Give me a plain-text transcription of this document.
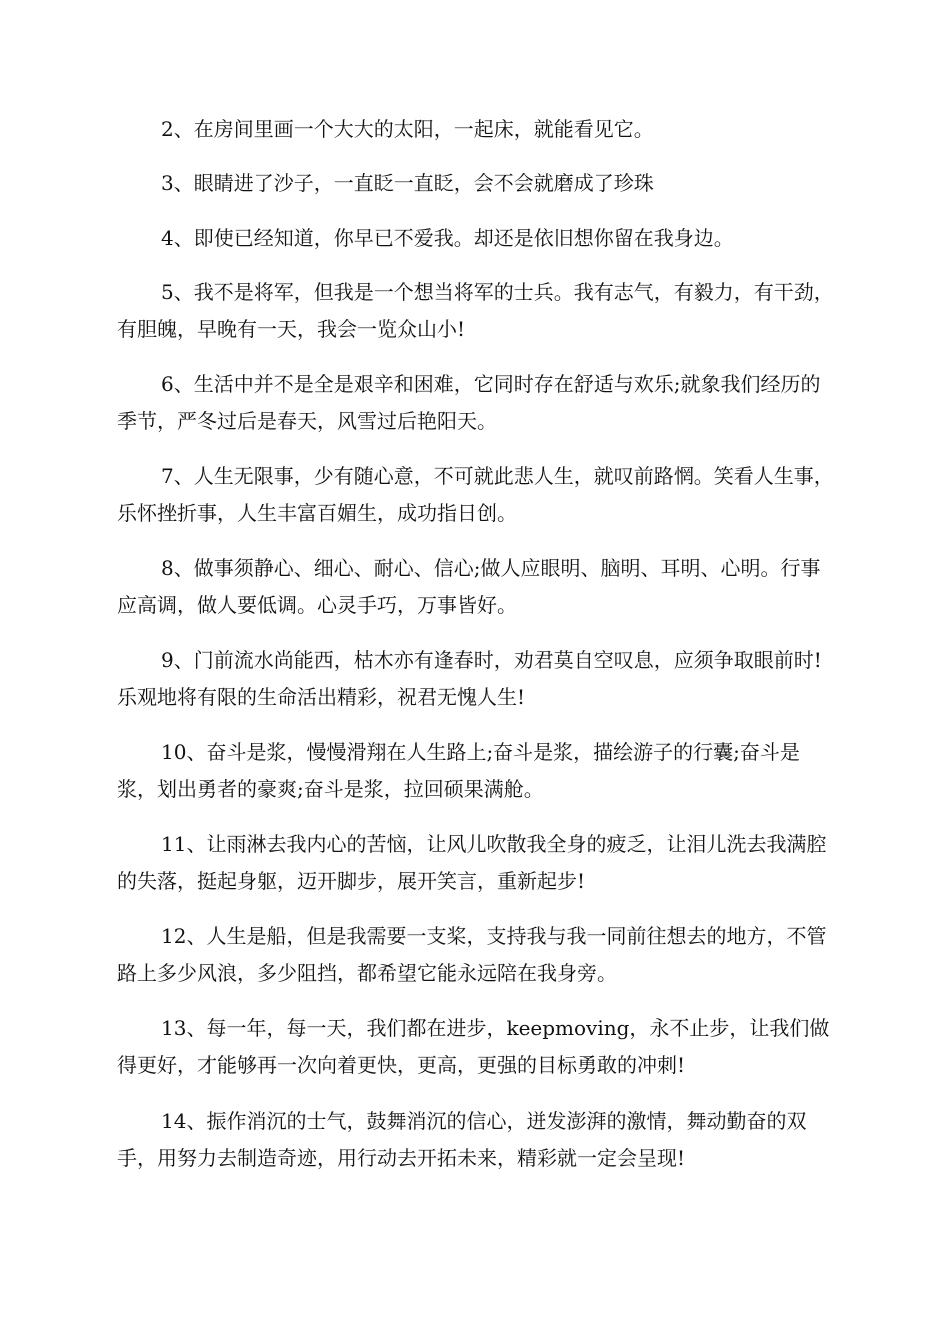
2、在房间里画一个大大的太阳，一起床，就能看见它。

3、眼睛进了沙子，一直眨一直眨，会不会就磨成了珍珠

4、即使已经知道，你早已不爱我。却还是依旧想你留在我身边。

5、我不是将军，但我是一个想当将军的士兵。我有志气，有毅力，有干劲，有胆魄，早晚有一天，我会一览众山小!

6、生活中并不是全是艰辛和困难，它同时存在舒适与欢乐;就象我们经历的季节，严冬过后是春天，风雪过后艳阳天。

7、人生无限事，少有随心意，不可就此悲人生，就叹前路惘。笑看人生事，乐怀挫折事，人生丰富百媚生，成功指日创。

8、做事须静心、细心、耐心、信心;做人应眼明、脑明、耳明、心明。行事应高调，做人要低调。心灵手巧，万事皆好。

9、门前流水尚能西，枯木亦有逢春时，劝君莫自空叹息，应须争取眼前时!乐观地将有限的生命活出精彩，祝君无愧人生!

10、奋斗是浆，慢慢滑翔在人生路上;奋斗是浆，描绘游子的行囊;奋斗是浆，划出勇者的豪爽;奋斗是浆，拉回硕果满舱。

11、让雨淋去我内心的苦恼，让风儿吹散我全身的疲乏，让泪儿洗去我满腔的失落，挺起身躯，迈开脚步，展开笑言，重新起步!

12、人生是船，但是我需要一支桨，支持我与我一同前往想去的地方，不管路上多少风浪，多少阻挡，都希望它能永远陪在我身旁。

13、每一年，每一天，我们都在进步，keepmoving，永不止步，让我们做得更好，才能够再一次向着更快，更高，更强的目标勇敢的冲刺!

14、振作消沉的士气，鼓舞消沉的信心，迸发澎湃的激情，舞动勤奋的双手，用努力去制造奇迹，用行动去开拓未来，精彩就一定会呈现!
